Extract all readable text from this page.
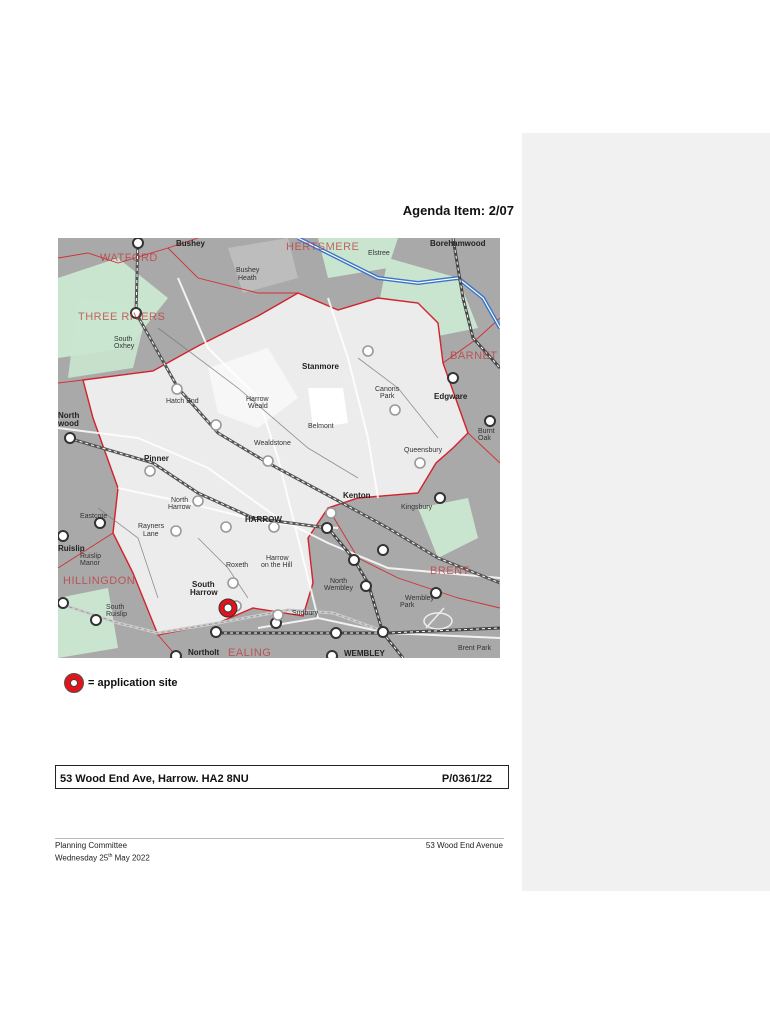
Agenda Item: 2/07
WATFORD
HERTSMERE
THREE RIVERS
BARNET
HILLINGDON
BRENT
EALING
Bushey	Borehamwood
Elstree
Bushey
Heath
South
Oxhey
Stanmore
Canons
Park	Edgware
Hatch End	Harrow
Weald
Belmont
North
wood
Burnt
Oak
Wealdstone
Queensbury
Pinner
Kenton
North
Harrow	Kingsbury
Eastcote
Rayners
Lane
HARROW
Ruislip
Ruislip
Manor	Roxeth
Harrow
on the Hill
North
Wembley
South
Harrow
South
Ruislip
Wembley
Park
Sudbury
Northolt	WEMBLEY
Brent Park
= application site
53 Wood End Ave, Harrow. HA2 8NU	P/0361/22
Planning Committee
Wednesday 25th May 2022
53 Wood End Avenue
